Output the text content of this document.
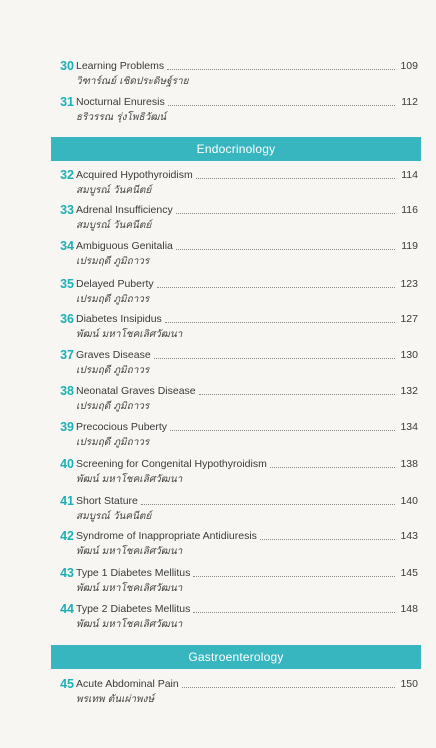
30 Learning Problems	109
วิฑาร์ณย์ เชิดประดิษฐ์ราย
31 Nocturnal Enuresis	112
ธริวรรณ รุ่งโพธิวัฒน์
Endocrinology
32 Acquired Hypothyroidism	114
สมบูรณ์ วันคนีตย์
33 Adrenal Insufficiency	116
สมบูรณ์ วันคนีตย์
34 Ambiguous Genitalia	119
เปรมฤดี ภูมิถาวร
35 Delayed Puberty	123
เปรมฤดี ภูมิถาวร
36 Diabetes Insipidus	127
พัฒน์ มหาโชคเลิศวัฒนา
37 Graves Disease	130
เปรมฤดี ภูมิถาวร
38 Neonatal Graves Disease	132
เปรมฤดี ภูมิถาวร
39 Precocious Puberty	134
เปรมฤดี ภูมิถาวร
40 Screening for Congenital Hypothyroidism	138
พัฒน์ มหาโชคเลิศวัฒนา
41 Short Stature	140
สมบูรณ์ วันคนีตย์
42 Syndrome of Inappropriate Antidiuresis	143
พัฒน์ มหาโชคเลิศวัฒนา
43 Type 1 Diabetes Mellitus	145
พัฒน์ มหาโชคเลิศวัฒนา
44 Type 2 Diabetes Mellitus	148
พัฒน์ มหาโชคเลิศวัฒนา
Gastroenterology
45 Acute Abdominal Pain	150
พรเทพ ตันเผ่าพงษ์
